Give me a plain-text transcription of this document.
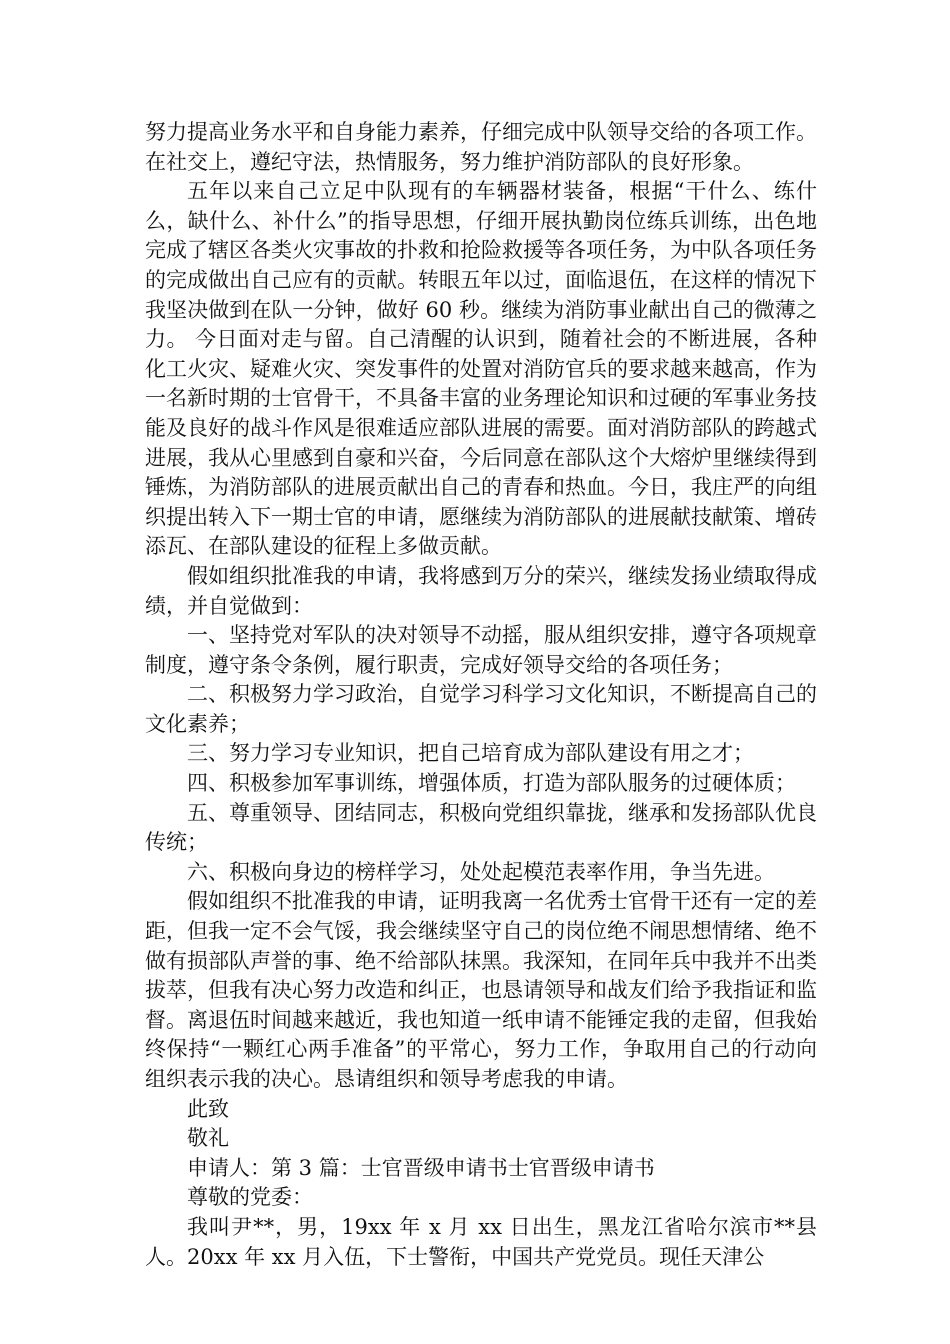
努力提高业务水平和自身能力素养，仔细完成中队领导交给的各项工作。在社交上，遵纪守法，热情服务，努力维护消防部队的良好形象。

五年以来自己立足中队现有的车辆器材装备，根据“干什么、练什么，缺什么、补什么”的指导思想，仔细开展执勤岗位练兵训练，出色地完成了辖区各类火灾事故的扑救和抢险救援等各项任务，为中队各项任务的完成做出自己应有的贡献。转眼五年以过，面临退伍，在这样的情况下我坚决做到在队一分钟，做好 60 秒。继续为消防事业献出自己的微薄之力。 今日面对走与留。自己清醒的认识到，随着社会的不断进展，各种化工火灾、疑难火灾、突发事件的处置对消防官兵的要求越来越高，作为一名新时期的士官骨干，不具备丰富的业务理论知识和过硬的军事业务技能及良好的战斗作风是很难适应部队进展的需要。面对消防部队的跨越式进展，我从心里感到自豪和兴奋，今后同意在部队这个大熔炉里继续得到锤炼，为消防部队的进展贡献出自己的青春和热血。今日，我庄严的向组织提出转入下一期士官的申请，愿继续为消防部队的进展献技献策、增砖添瓦、在部队建设的征程上多做贡献。

假如组织批准我的申请，我将感到万分的荣兴，继续发扬业绩取得成绩，并自觉做到：

一、坚持党对军队的决对领导不动摇，服从组织安排，遵守各项规章制度，遵守条令条例，履行职责，完成好领导交给的各项任务；

二、积极努力学习政治，自觉学习科学习文化知识，不断提高自己的文化素养；

三、努力学习专业知识，把自己培育成为部队建设有用之才；

四、积极参加军事训练，增强体质，打造为部队服务的过硬体质；

五、尊重领导、团结同志，积极向党组织靠拢，继承和发扬部队优良传统；

六、积极向身边的榜样学习，处处起模范表率作用，争当先进。

假如组织不批准我的申请，证明我离一名优秀士官骨干还有一定的差距，但我一定不会气馁，我会继续坚守自己的岗位绝不闹思想情绪、绝不做有损部队声誉的事、绝不给部队抹黑。我深知，在同年兵中我并不出类拔萃，但我有决心努力改造和纠正，也恳请领导和战友们给予我指证和监督。离退伍时间越来越近，我也知道一纸申请不能锤定我的走留，但我始终保持“一颗红心两手准备”的平常心，努力工作，争取用自己的行动向组织表示我的决心。恳请组织和领导考虑我的申请。

此致

敬礼

申请人：第 3 篇：士官晋级申请书士官晋级申请书

尊敬的党委：

我叫尹**，男，19xx 年 x 月 xx 日出生，黑龙江省哈尔滨市**县人。20xx 年 xx 月入伍，下士警衔，中国共产党党员。现任天津公
